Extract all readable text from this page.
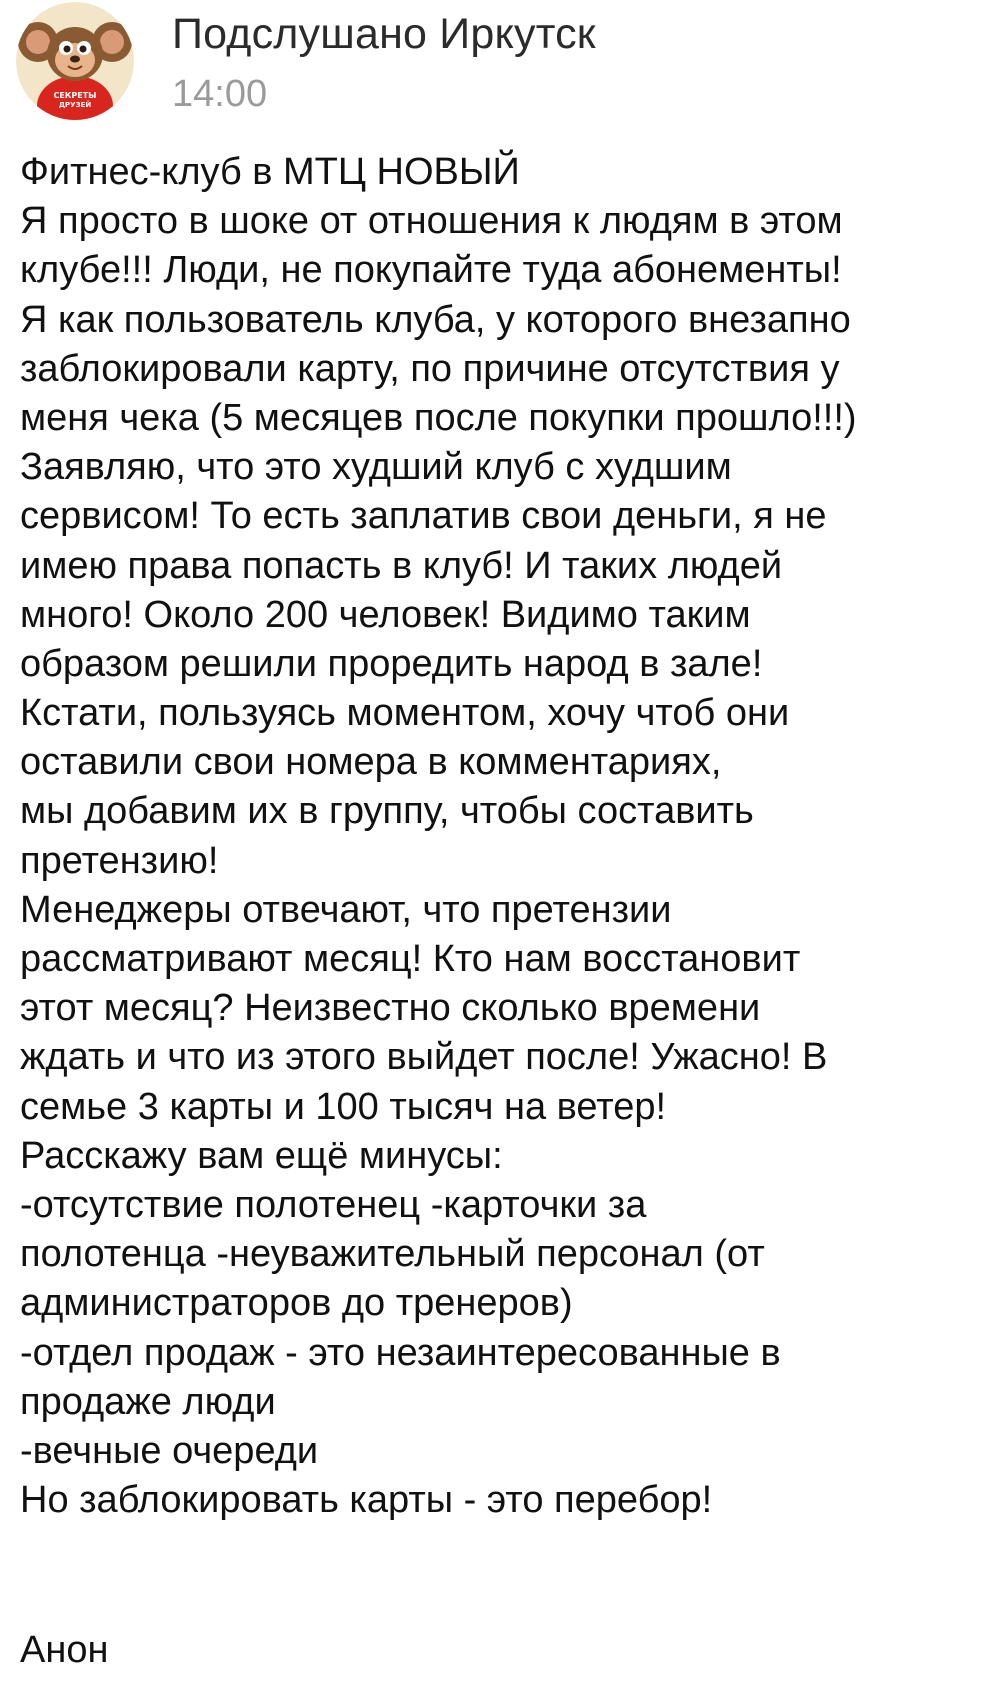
СЕКРЕТЫ
ДРУЗЕЙ
Подслушано Иркутск
14:00
Фитнес-клуб в МТЦ НОВЫЙ
Я просто в шоке от отношения к людям в этом
клубе!!! Люди, не покупайте туда абонементы!
Я как пользователь клуба, у которого внезапно
заблокировали карту, по причине отсутствия у
меня чека (5 месяцев после покупки прошло!!!)
Заявляю, что это худший клуб с худшим
сервисом! То есть заплатив свои деньги, я не
имею права попасть в клуб! И таких людей
много! Около 200 человек! Видимо таким
образом решили проредить народ в зале!
Кстати, пользуясь моментом, хочу чтоб они
оставили свои номера в комментариях,
мы добавим их в группу, чтобы составить
претензию!
Менеджеры отвечают, что претензии
рассматривают месяц! Кто нам восстановит
этот месяц? Неизвестно сколько времени
ждать и что из этого выйдет после! Ужасно! В
семье 3 карты и 100 тысяч на ветер!
Расскажу вам ещё минусы:
-отсутствие полотенец -карточки за
полотенца -неуважительный персонал (от
администраторов до тренеров)
-отдел продаж - это незаинтересованные в
продаже люди
-вечные очереди
Но заблокировать карты - это перебор!
Анон
